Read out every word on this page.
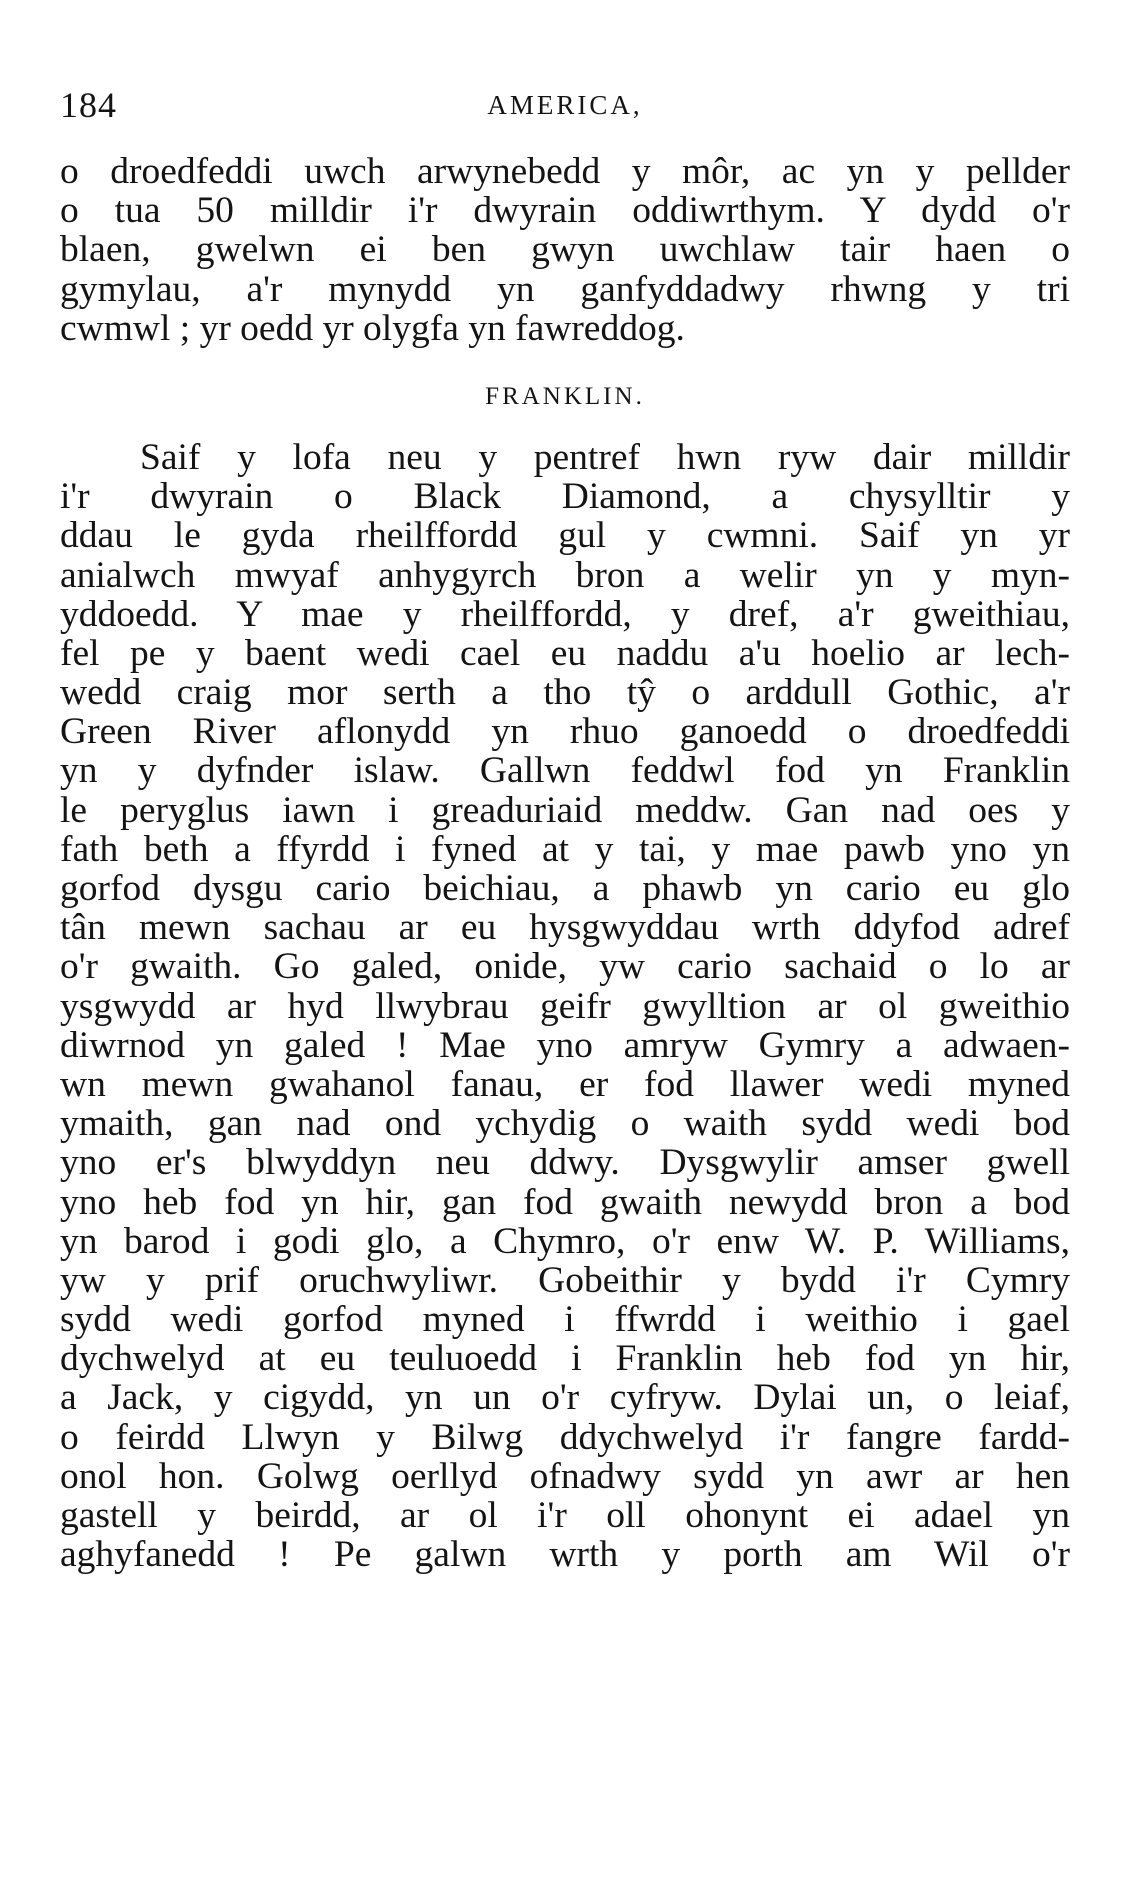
184	AMERICA,
o droedfeddi uwch arwynebedd y môr, ac yn y pellder
o tua 50 milldir i'r dwyrain oddiwrthym. Y dydd o'r
blaen, gwelwn ei ben gwyn uwchlaw tair haen o
gymylau, a'r mynydd yn ganfyddadwy rhwng y tri
cwmwl ; yr oedd yr olygfa yn fawreddog.
FRANKLIN.
Saif y lofa neu y pentref hwn ryw dair milldir
i'r dwyrain o Black Diamond, a chysylltir y
ddau le gyda rheilffordd gul y cwmni. Saif yn yr
anialwch mwyaf anhygyrch bron a welir yn y myn-
yddoedd. Y mae y rheilffordd, y dref, a'r gweithiau,
fel pe y baent wedi cael eu naddu a'u hoelio ar lech-
wedd craig mor serth a tho tŷ o arddull Gothic, a'r
Green River aflonydd yn rhuo ganoedd o droedfeddi
yn y dyfnder islaw. Gallwn feddwl fod yn Franklin
le peryglus iawn i greaduriaid meddw. Gan nad oes y
fath beth a ffyrdd i fyned at y tai, y mae pawb yno yn
gorfod dysgu cario beichiau, a phawb yn cario eu glo
tân mewn sachau ar eu hysgwyddau wrth ddyfod adref
o'r gwaith. Go galed, onide, yw cario sachaid o lo ar
ysgwydd ar hyd llwybrau geifr gwylltion ar ol gweithio
diwrnod yn galed ! Mae yno amryw Gymry a adwaen-
wn mewn gwahanol fanau, er fod llawer wedi myned
ymaith, gan nad ond ychydig o waith sydd wedi bod
yno er's blwyddyn neu ddwy. Dysgwylir amser gwell
yno heb fod yn hir, gan fod gwaith newydd bron a bod
yn barod i godi glo, a Chymro, o'r enw W. P. Williams,
yw y prif oruchwyliwr. Gobeithir y bydd i'r Cymry
sydd wedi gorfod myned i ffwrdd i weithio i gael
dychwelyd at eu teuluoedd i Franklin heb fod yn hir,
a Jack, y cigydd, yn un o'r cyfryw. Dylai un, o leiaf,
o feirdd Llwyn y Bilwg ddychwelyd i'r fangre fardd-
onol hon. Golwg oerllyd ofnadwy sydd yn awr ar hen
gastell y beirdd, ar ol i'r oll ohonynt ei adael yn
aghyfanedd ! Pe galwn wrth y porth am Wil o'r
